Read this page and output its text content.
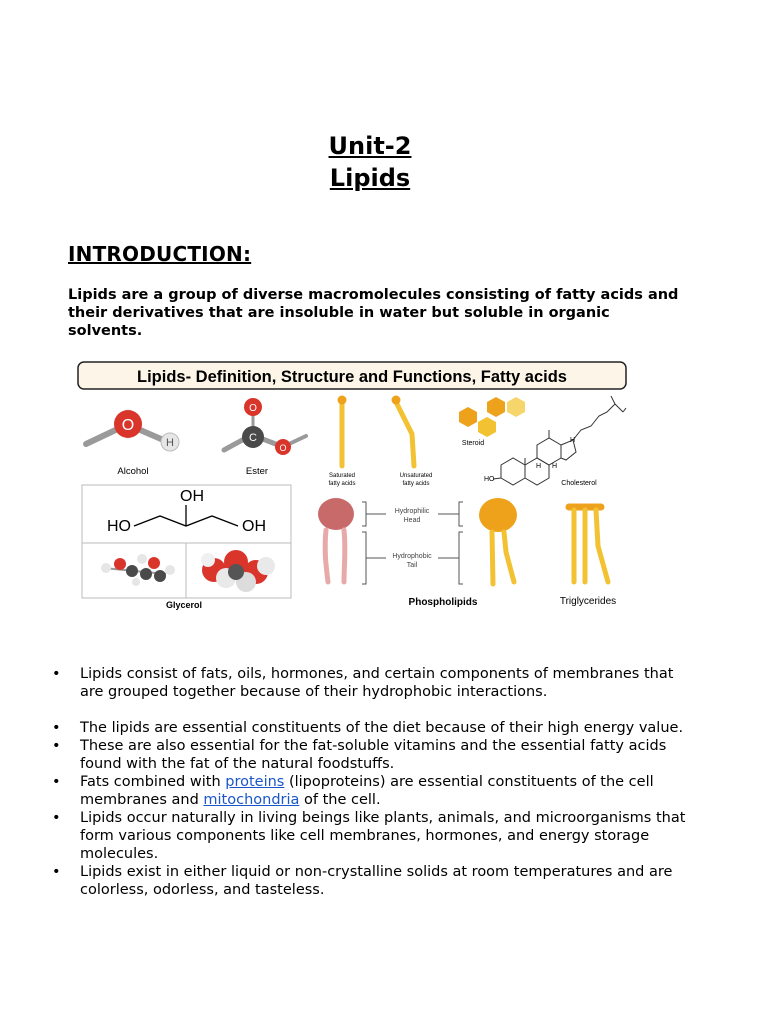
Unit-2
Lipids
INTRODUCTION:
Lipids are a group of diverse macromolecules consisting of fatty acids and their derivatives that are insoluble in water but soluble in organic solvents.
Lipids- Definition, Structure and Functions, Fatty acids
O
H
Alcohol
O
C
O
Ester	Saturated fatty acids
Unsaturated fatty acids
Steroid
HO
H
H H
Cholesterol
OH
HO	OH
Glycerol
Hydrophilic Head
Hydrophobic Tail
Phospholipids	Triglycerides
• Lipids consist of fats, oils, hormones, and certain components of membranes that are grouped together because of their hydrophobic interactions.
• The lipids are essential constituents of the diet because of their high energy value.
• These are also essential for the fat-soluble vitamins and the essential fatty acids found with the fat of the natural foodstuffs.
• Fats combined with proteins (lipoproteins) are essential constituents of the cell membranes and mitochondria of the cell.
• Lipids occur naturally in living beings like plants, animals, and microorganisms that form various components like cell membranes, hormones, and energy storage molecules.
• Lipids exist in either liquid or non-crystalline solids at room temperatures and are colorless, odorless, and tasteless.
